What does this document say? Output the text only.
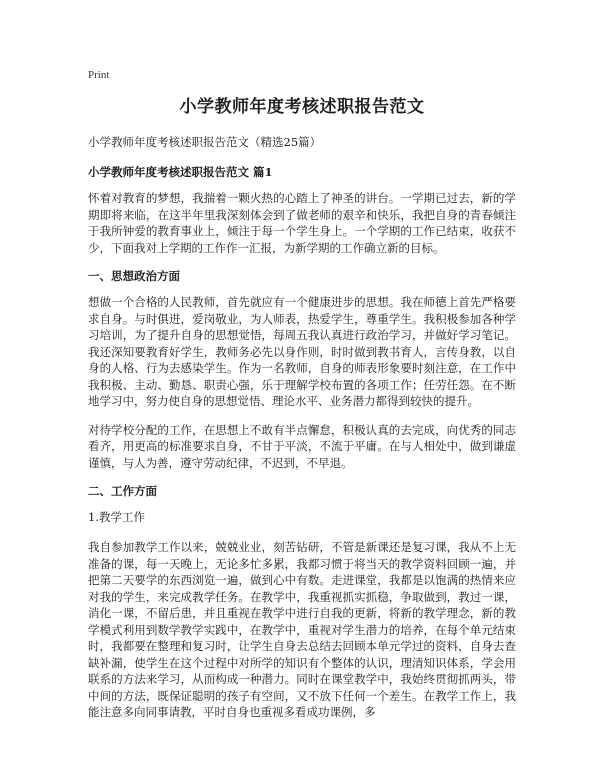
Print
小学教师年度考核述职报告范文
小学教师年度考核述职报告范文（精选25篇）
小学教师年度考核述职报告范文 篇1

怀着对教育的梦想，我揣着一颗火热的心踏上了神圣的讲台。一学期已过去，新的学期即将来临，在这半年里我深刻体会到了做老师的艰辛和快乐，我把自身的青春倾注于我所钟爱的教育事业上，倾注于每一个学生身上。一个学期的工作已结束，收获不少，下面我对上学期的工作作一汇报，为新学期的工作确立新的目标。

一、思想政治方面

想做一个合格的人民教师，首先就应有一个健康进步的思想。我在师德上首先严格要求自身。与时俱进，爱岗敬业，为人师表，热爱学生，尊重学生。我积极参加各种学习培训，为了提升自身的思想觉悟，每周五我认真进行政治学习，并做好学习笔记。我还深知要教育好学生，教师务必先以身作则，时时做到教书育人，言传身教，以自身的人格、行为去感染学生。作为一名教师，自身的师表形象要时刻注意，在工作中我积极、主动、勤恳、职责心强，乐于理解学校布置的各项工作；任劳任怨。在不断地学习中，努力使自身的思想觉悟、理论水平、业务潜力都得到较快的提升。

对待学校分配的工作，在思想上不敢有半点懈怠，积极认真的去完成，向优秀的同志看齐，用更高的标准要求自身，不甘于平淡，不流于平庸。在与人相处中，做到谦虚谨慎，与人为善，遵守劳动纪律，不迟到，不早退。

二、工作方面
1.教学工作

我自参加教学工作以来，兢兢业业，刻苦钻研，不管是新课还是复习课，我从不上无准备的课，每一天晚上，无论多忙多累，我都习惯于将当天的教学资料回顾一遍，并把第二天要学的东西浏览一遍，做到心中有数。走进课堂，我都是以饱满的热情来应对我的学生，来完成教学任务。在教学中，我重视抓实抓稳，争取做到，教过一课，消化一课，不留后患，并且重视在教学中进行自我的更新，将新的教学理念，新的教学模式利用到数学教学实践中，在教学中，重视对学生潜力的培养，在每个单元结束时，我都要在整理和复习时，让学生自身去总结去回顾本单元学过的资料，自身去查缺补漏，使学生在这个过程中对所学的知识有个整体的认识，理清知识体系，学会用联系的方法来学习，从而构成一种潜力。同时在课堂教学中，我始终贯彻抓两头，带中间的方法，既保证聪明的孩子有空间，又不放下任何一个差生。在教学工作上，我能注意多向同事请教，平时自身也重视多看成功课例，多
